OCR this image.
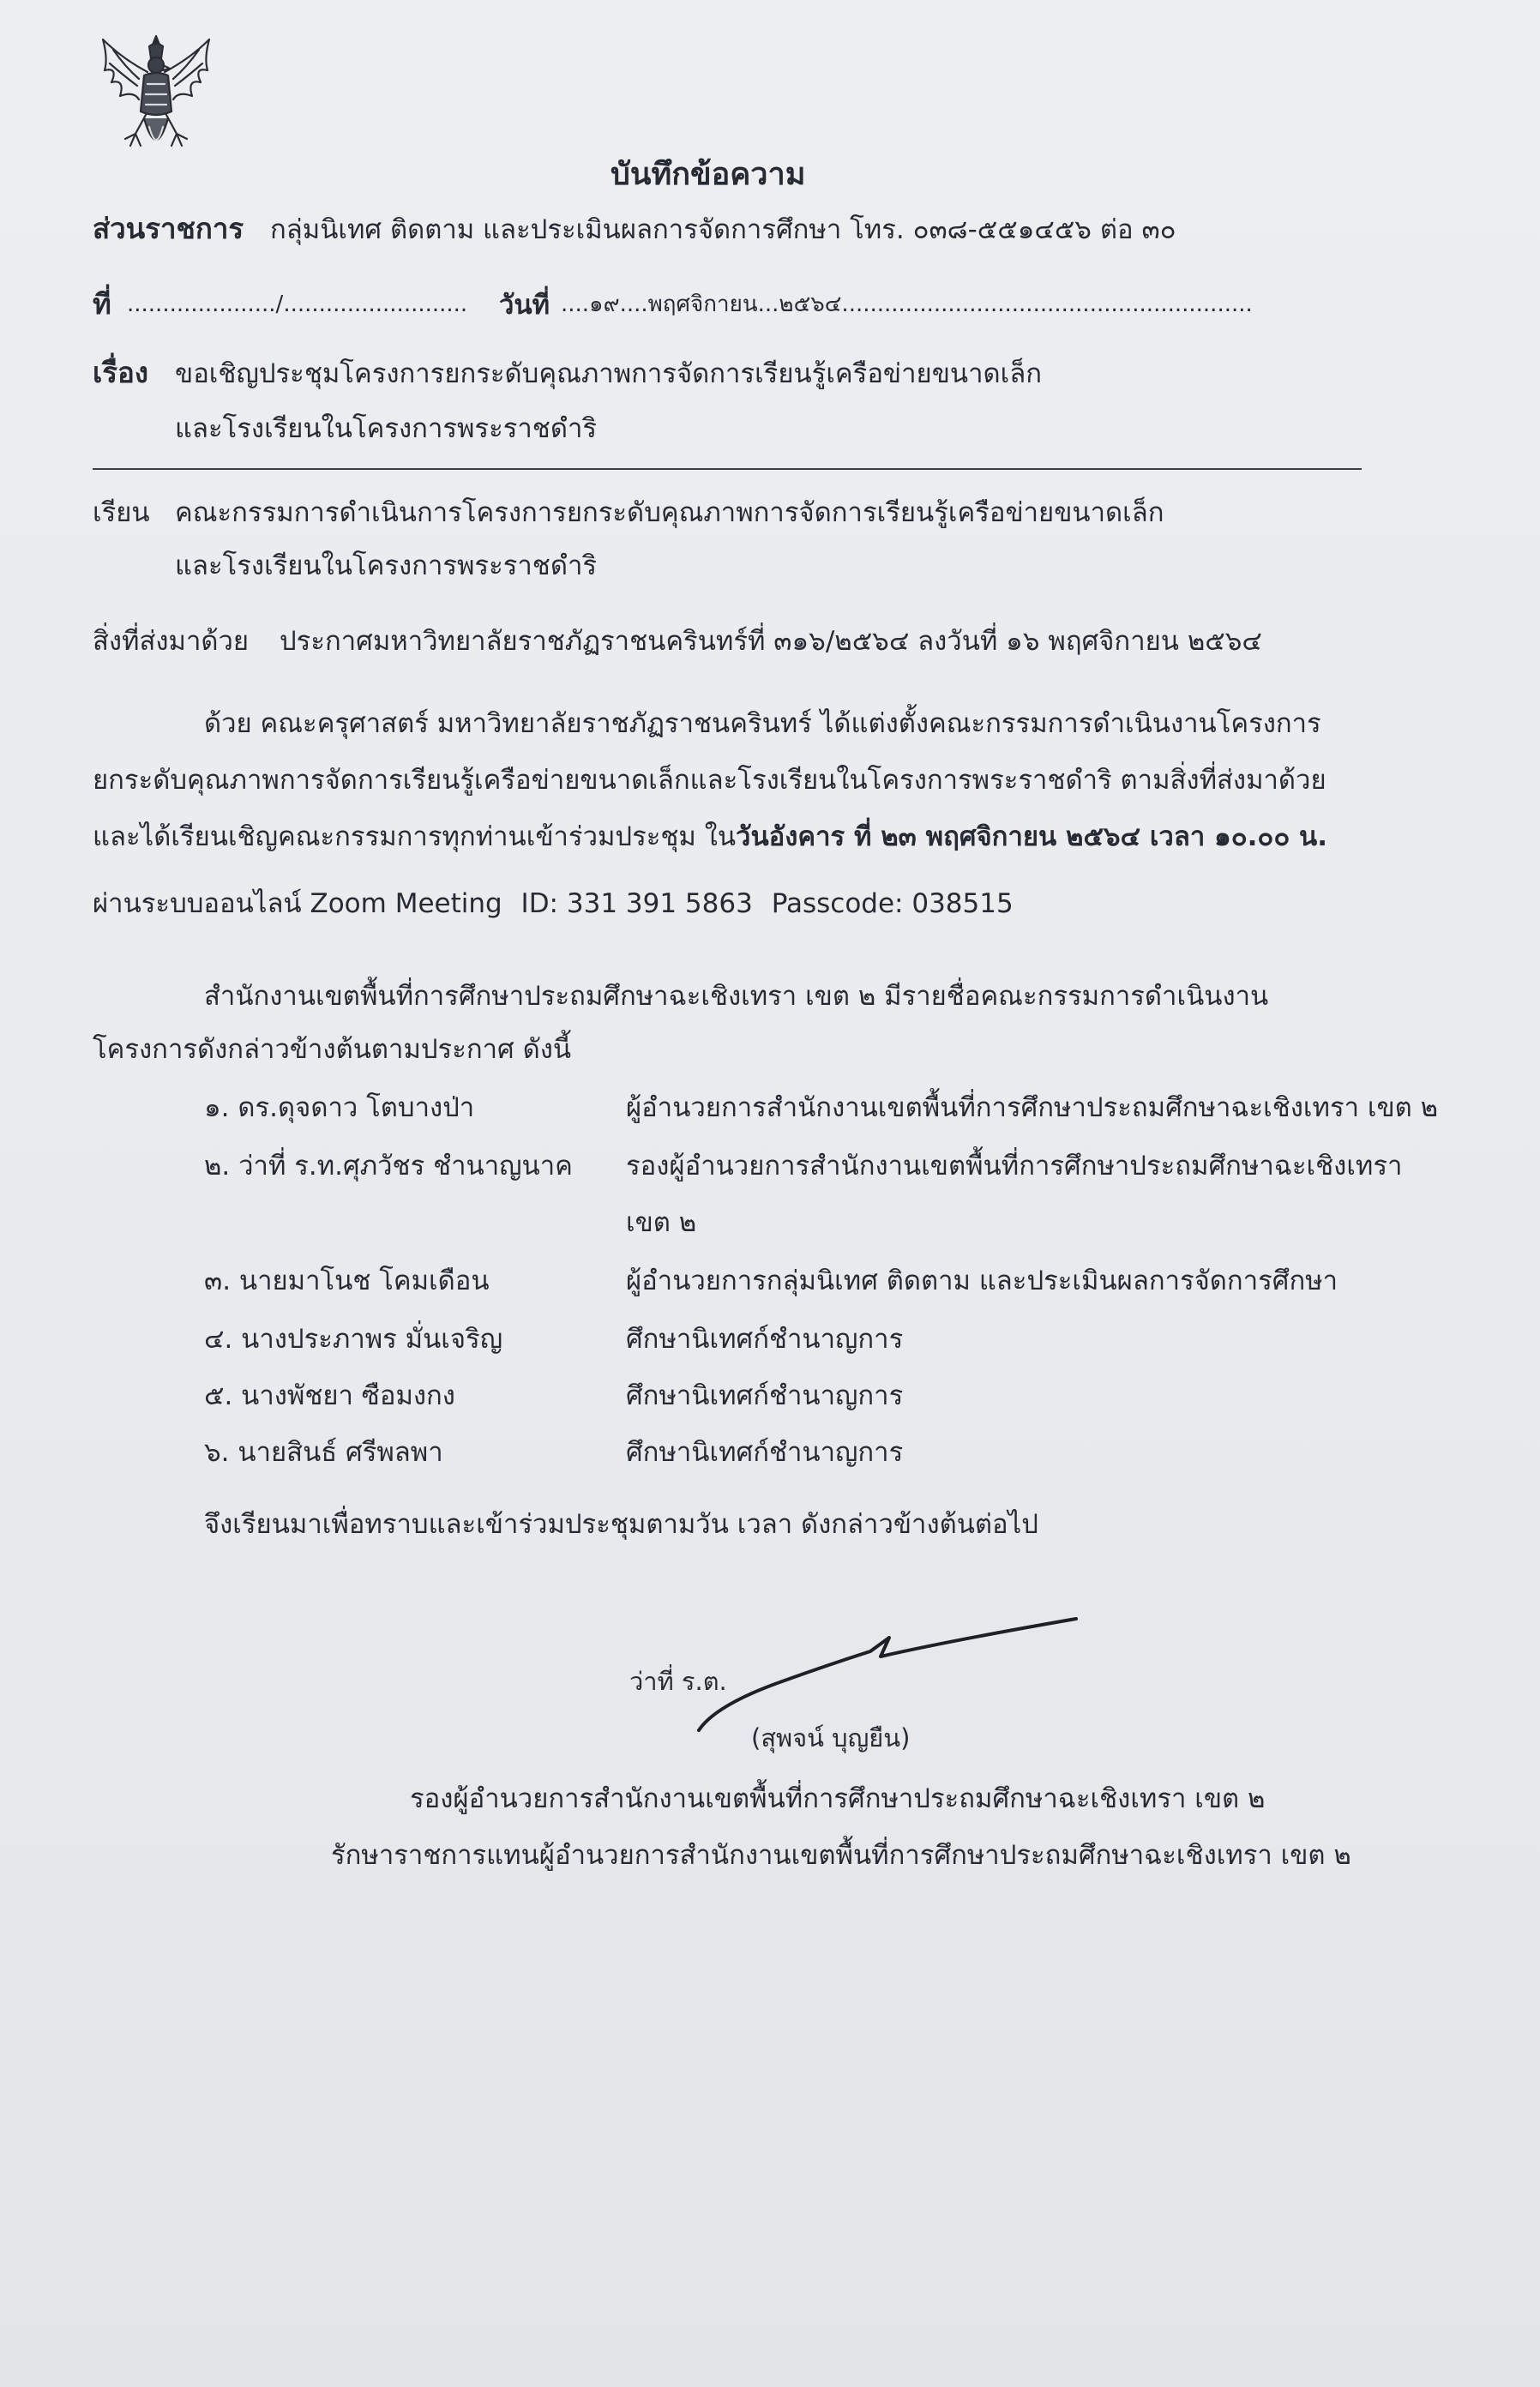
บันทึกข้อความ
ส่วนราชการ กลุ่มนิเทศ ติดตาม และประเมินผลการจัดการศึกษา โทร. ๐๓๘-๕๕๑๔๕๖ ต่อ ๓๐
ที่ ...................../.......................... วันที่ ....๑๙....พฤศจิกายน...๒๕๖๔..........................................................
เรื่อง ขอเชิญประชุมโครงการยกระดับคุณภาพการจัดการเรียนรู้เครือข่ายขนาดเล็ก
และโรงเรียนในโครงการพระราชดำริ
เรียน คณะกรรมการดำเนินการโครงการยกระดับคุณภาพการจัดการเรียนรู้เครือข่ายขนาดเล็ก
และโรงเรียนในโครงการพระราชดำริ
สิ่งที่ส่งมาด้วย ประกาศมหาวิทยาลัยราชภัฏราชนครินทร์ที่ ๓๑๖/๒๕๖๔ ลงวันที่ ๑๖ พฤศจิกายน ๒๕๖๔
ด้วย คณะครุศาสตร์ มหาวิทยาลัยราชภัฏราชนครินทร์ ได้แต่งตั้งคณะกรรมการดำเนินงานโครงการ
ยกระดับคุณภาพการจัดการเรียนรู้เครือข่ายขนาดเล็กและโรงเรียนในโครงการพระราชดำริ ตามสิ่งที่ส่งมาด้วย
และได้เรียนเชิญคณะกรรมการทุกท่านเข้าร่วมประชุม ในวันอังคาร ที่ ๒๓ พฤศจิกายน ๒๕๖๔ เวลา ๑๐.๐๐ น.
ผ่านระบบออนไลน์ Zoom Meeting ID: 331 391 5863 Passcode: 038515
สำนักงานเขตพื้นที่การศึกษาประถมศึกษาฉะเชิงเทรา เขต ๒ มีรายชื่อคณะกรรมการดำเนินงาน
โครงการดังกล่าวข้างต้นตามประกาศ ดังนี้
๑. ดร.ดุจดาว โตบางป่า	ผู้อำนวยการสำนักงานเขตพื้นที่การศึกษาประถมศึกษาฉะเชิงเทรา เขต ๒
๒. ว่าที่ ร.ท.ศุภวัชร ชำนาญนาค รองผู้อำนวยการสำนักงานเขตพื้นที่การศึกษาประถมศึกษาฉะเชิงเทรา
เขต ๒
๓. นายมาโนช โคมเดือน	ผู้อำนวยการกลุ่มนิเทศ ติดตาม และประเมินผลการจัดการศึกษา
๔. นางประภาพร มั่นเจริญ	ศึกษานิเทศก์ชำนาญการ
๕. นางพัชยา ซือมงกง	ศึกษานิเทศก์ชำนาญการ
๖. นายสินธ์ ศรีพลพา	ศึกษานิเทศก์ชำนาญการ
จึงเรียนมาเพื่อทราบและเข้าร่วมประชุมตามวัน เวลา ดังกล่าวข้างต้นต่อไป
ว่าที่ ร.ต.
(สุพจน์ บุญยืน)
รองผู้อำนวยการสำนักงานเขตพื้นที่การศึกษาประถมศึกษาฉะเชิงเทรา เขต ๒
รักษาราชการแทนผู้อำนวยการสำนักงานเขตพื้นที่การศึกษาประถมศึกษาฉะเชิงเทรา เขต ๒
